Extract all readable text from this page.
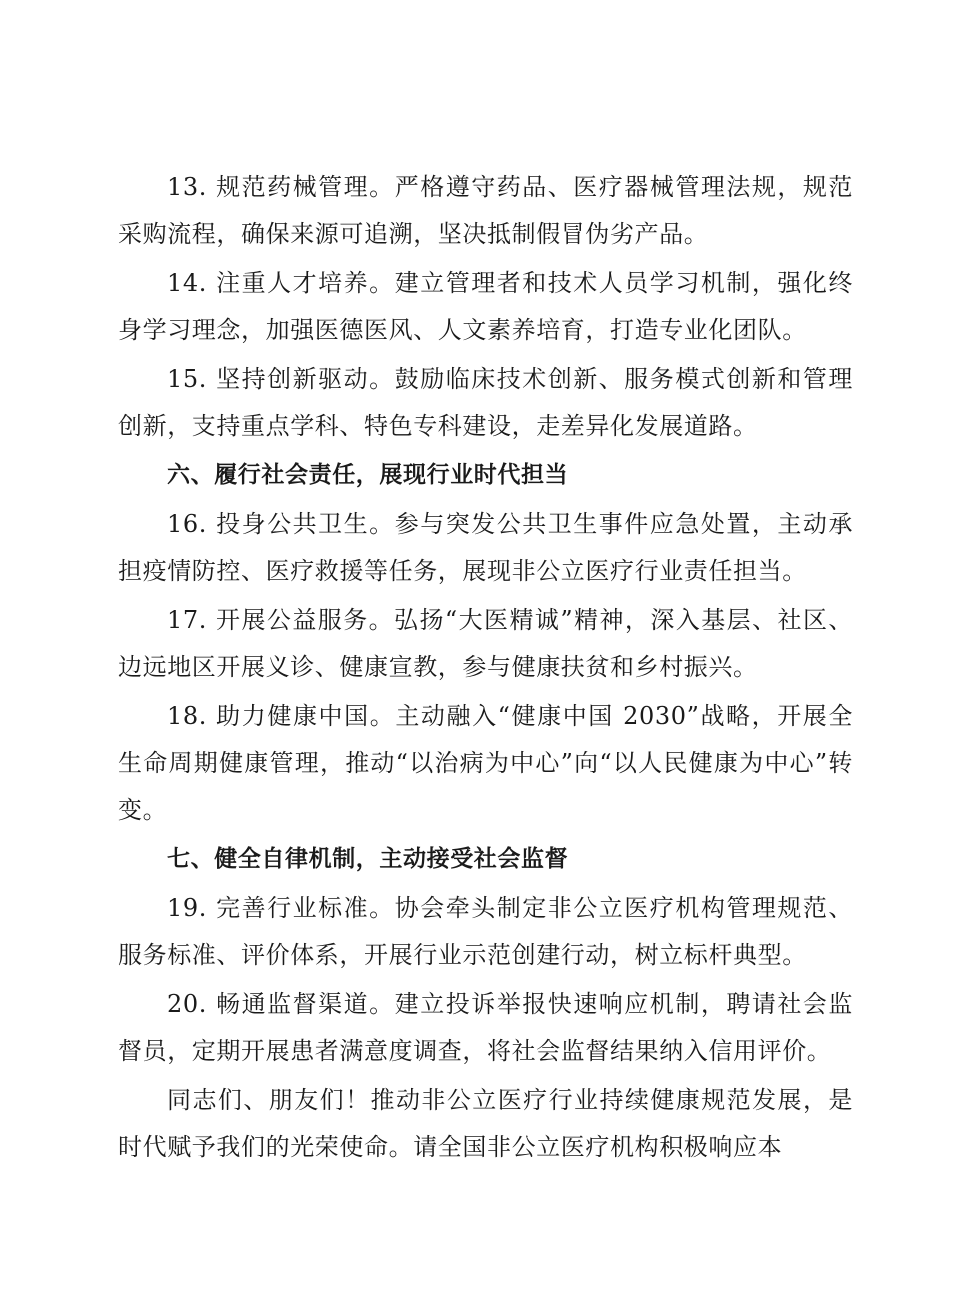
13. 规范药械管理。严格遵守药品、医疗器械管理法规，规范采购流程，确保来源可追溯，坚决抵制假冒伪劣产品。

14. 注重人才培养。建立管理者和技术人员学习机制，强化终身学习理念，加强医德医风、人文素养培育，打造专业化团队。

15. 坚持创新驱动。鼓励临床技术创新、服务模式创新和管理创新，支持重点学科、特色专科建设，走差异化发展道路。

六、履行社会责任，展现行业时代担当

16. 投身公共卫生。参与突发公共卫生事件应急处置，主动承担疫情防控、医疗救援等任务，展现非公立医疗行业责任担当。

17. 开展公益服务。弘扬“大医精诚”精神，深入基层、社区、边远地区开展义诊、健康宣教，参与健康扶贫和乡村振兴。

18. 助力健康中国。主动融入“健康中国 2030”战略，开展全生命周期健康管理，推动“以治病为中心”向“以人民健康为中心”转变。

七、健全自律机制，主动接受社会监督

19. 完善行业标准。协会牵头制定非公立医疗机构管理规范、服务标准、评价体系，开展行业示范创建行动，树立标杆典型。

20. 畅通监督渠道。建立投诉举报快速响应机制，聘请社会监督员，定期开展患者满意度调查，将社会监督结果纳入信用评价。

同志们、朋友们！推动非公立医疗行业持续健康规范发展，是时代赋予我们的光荣使命。请全国非公立医疗机构积极响应本
